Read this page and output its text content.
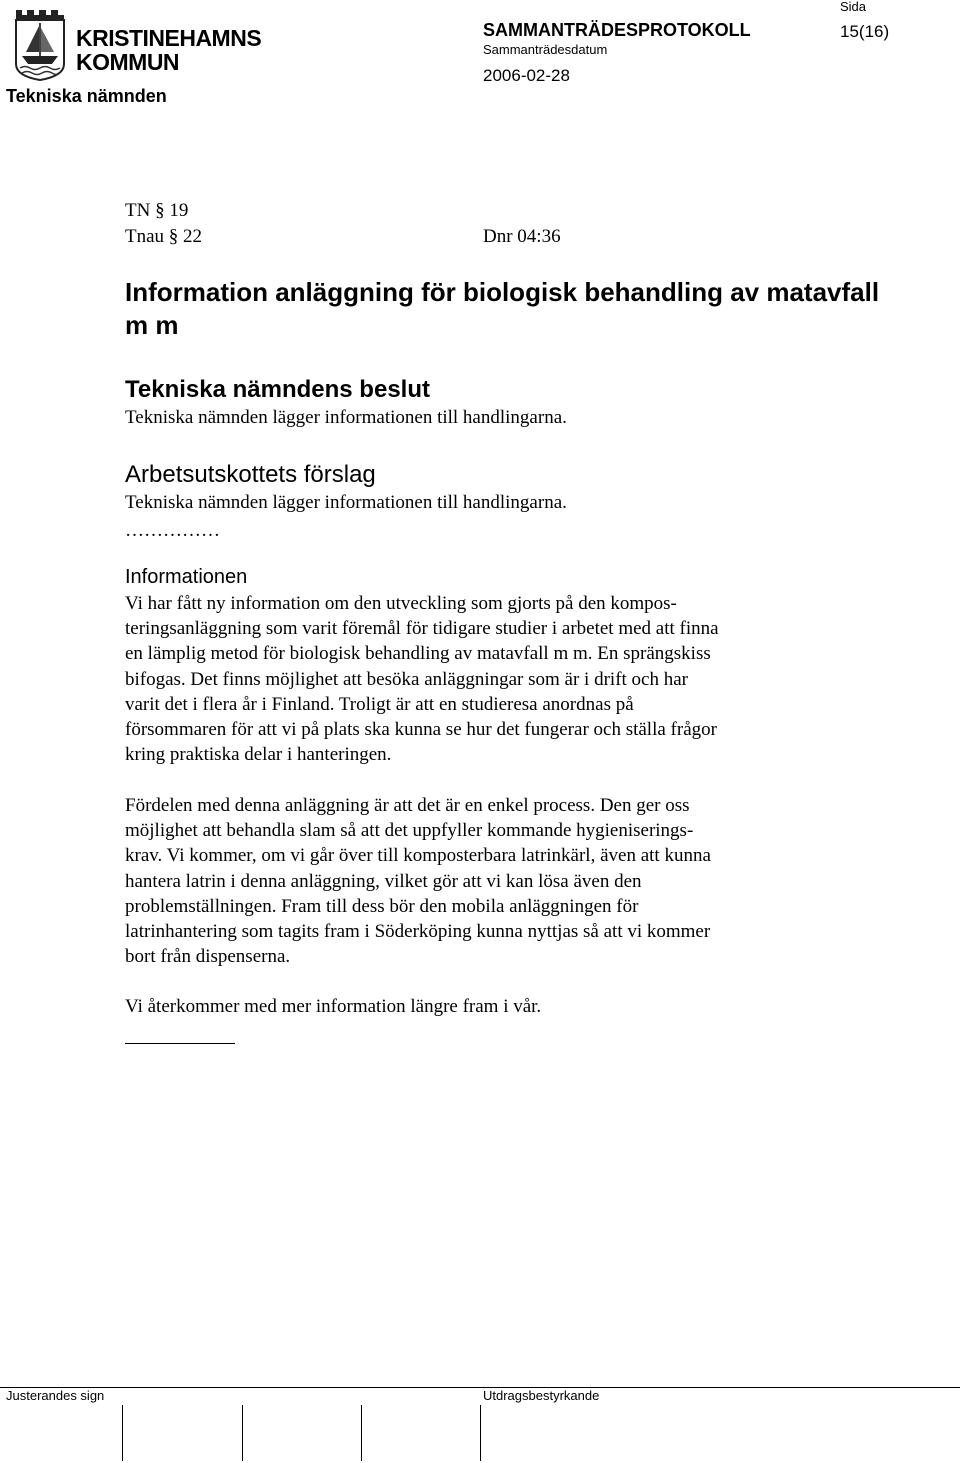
KRISTINEHAMNS
KOMMUN
Tekniska nämnden
SAMMANTRÄDESPROTOKOLL
Sammanträdesdatum
2006-02-28
Sida
15(16)
TN § 19
Tnau § 22	Dnr 04:36
Information anläggning för biologisk behandling av matavfall m m
Tekniska nämndens beslut
Tekniska nämnden lägger informationen till handlingarna.
Arbetsutskottets förslag
Tekniska nämnden lägger informationen till handlingarna.
……………
Informationen
Vi har fått ny information om den utveckling som gjorts på den kompos-
teringsanläggning som varit föremål för tidigare studier i arbetet med att finna
en lämplig metod för biologisk behandling av matavfall m m. En sprängskiss
bifogas. Det finns möjlighet att besöka anläggningar som är i drift och har
varit det i flera år i Finland. Troligt är att en studieresa anordnas på
försommaren för att vi på plats ska kunna se hur det fungerar och ställa frågor
kring praktiska delar i hanteringen.
Fördelen med denna anläggning är att det är en enkel process. Den ger oss
möjlighet att behandla slam så att det uppfyller kommande hygieniserings-
krav. Vi kommer, om vi går över till komposterbara latrinkärl, även att kunna
hantera latrin i denna anläggning, vilket gör att vi kan lösa även den
problemställningen. Fram till dess bör den mobila anläggningen för
latrinhantering som tagits fram i Söderköping kunna nyttjas så att vi kommer
bort från dispenserna.
Vi återkommer med mer information längre fram i vår.
Justerandes sign	Utdragsbestyrkande
